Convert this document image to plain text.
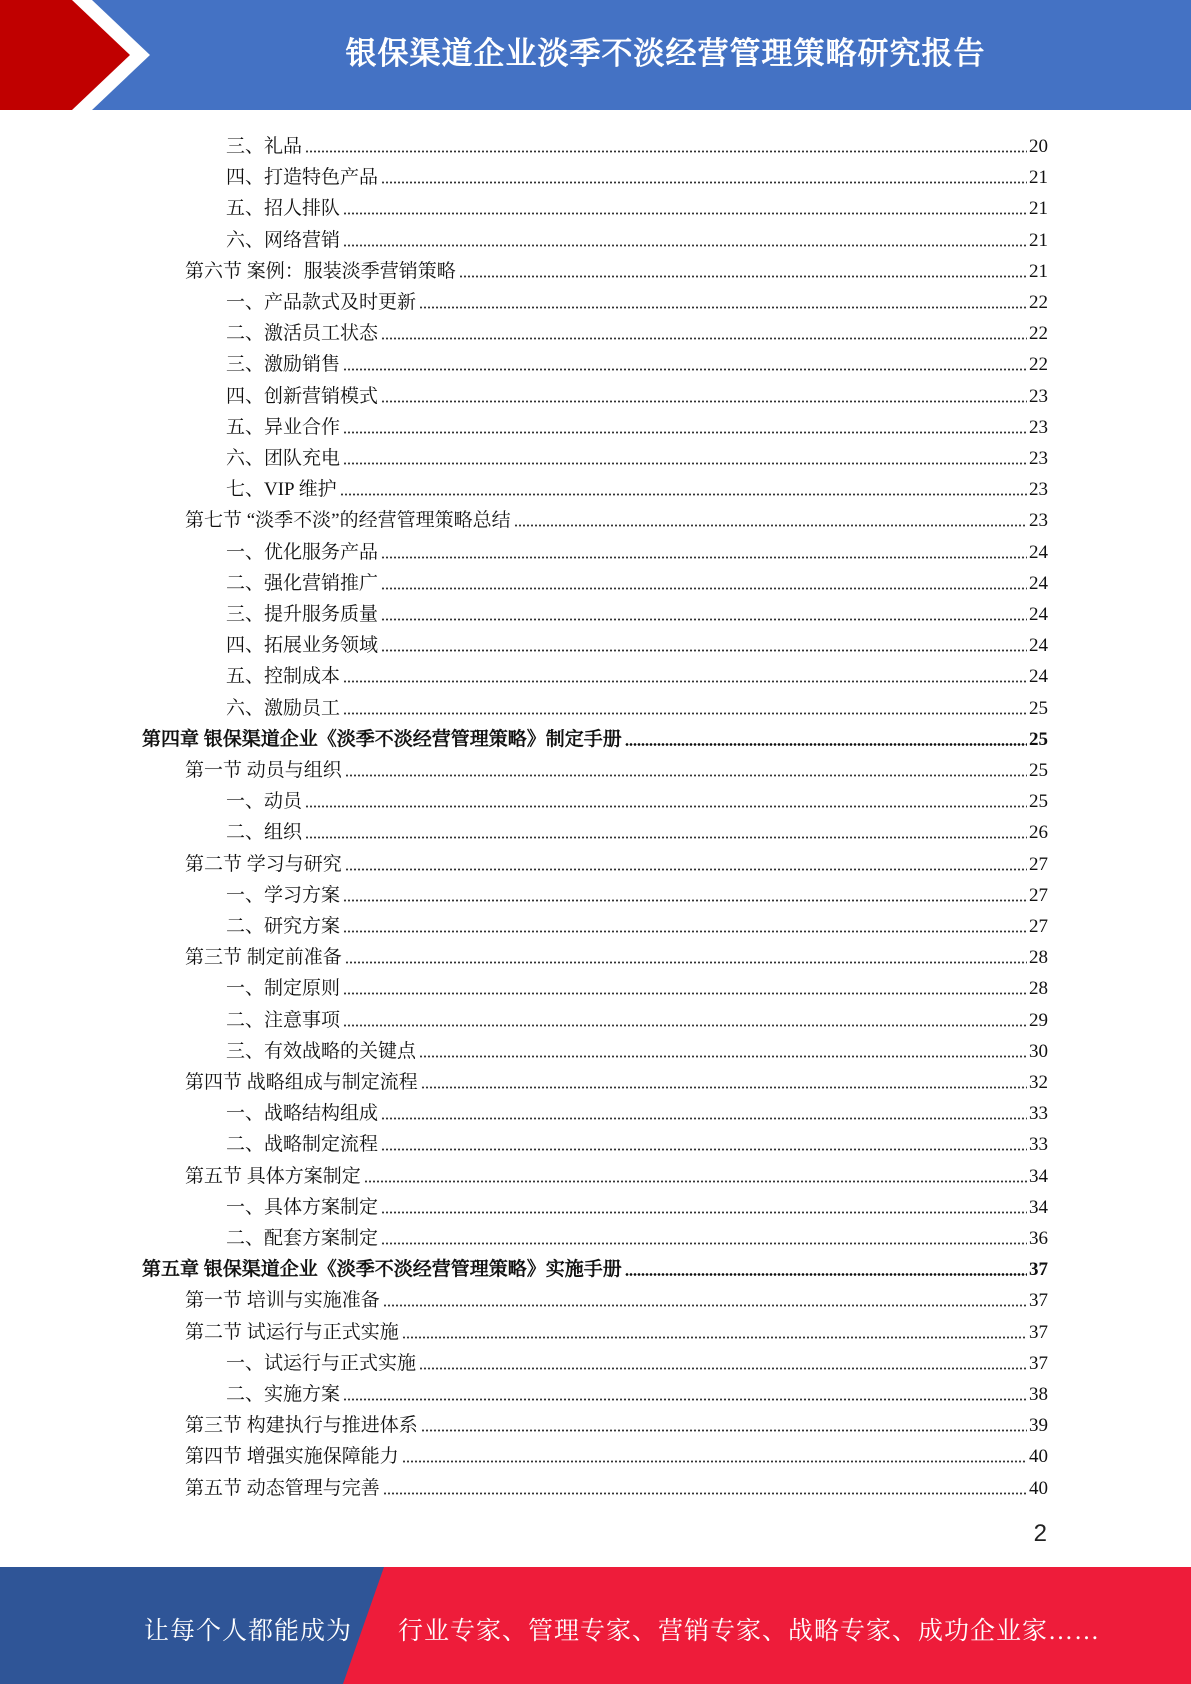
银保渠道企业淡季不淡经营管理策略研究报告
三、礼品	20
四、打造特色产品	21
五、招人排队	21
六、网络营销	21
第六节 案例：服装淡季营销策略	21
一、产品款式及时更新	22
二、激活员工状态	22
三、激励销售	22
四、创新营销模式	23
五、异业合作	23
六、团队充电	23
七、VIP 维护	23
第七节 “淡季不淡”的经营管理策略总结	23
一、优化服务产品	24
二、强化营销推广	24
三、提升服务质量	24
四、拓展业务领域	24
五、控制成本	24
六、激励员工	25
第四章 银保渠道企业《淡季不淡经营管理策略》制定手册	25
第一节 动员与组织	25
一、动员	25
二、组织	26
第二节 学习与研究	27
一、学习方案	27
二、研究方案	27
第三节 制定前准备	28
一、制定原则	28
二、注意事项	29
三、有效战略的关键点	30
第四节 战略组成与制定流程	32
一、战略结构组成	33
二、战略制定流程	33
第五节 具体方案制定	34
一、具体方案制定	34
二、配套方案制定	36
第五章 银保渠道企业《淡季不淡经营管理策略》实施手册	37
第一节 培训与实施准备	37
第二节 试运行与正式实施	37
一、试运行与正式实施	37
二、实施方案	38
第三节 构建执行与推进体系	39
第四节 增强实施保障能力	40
第五节 动态管理与完善	40
2
让每个人都能成为 行业专家、管理专家、营销专家、战略专家、成功企业家……
